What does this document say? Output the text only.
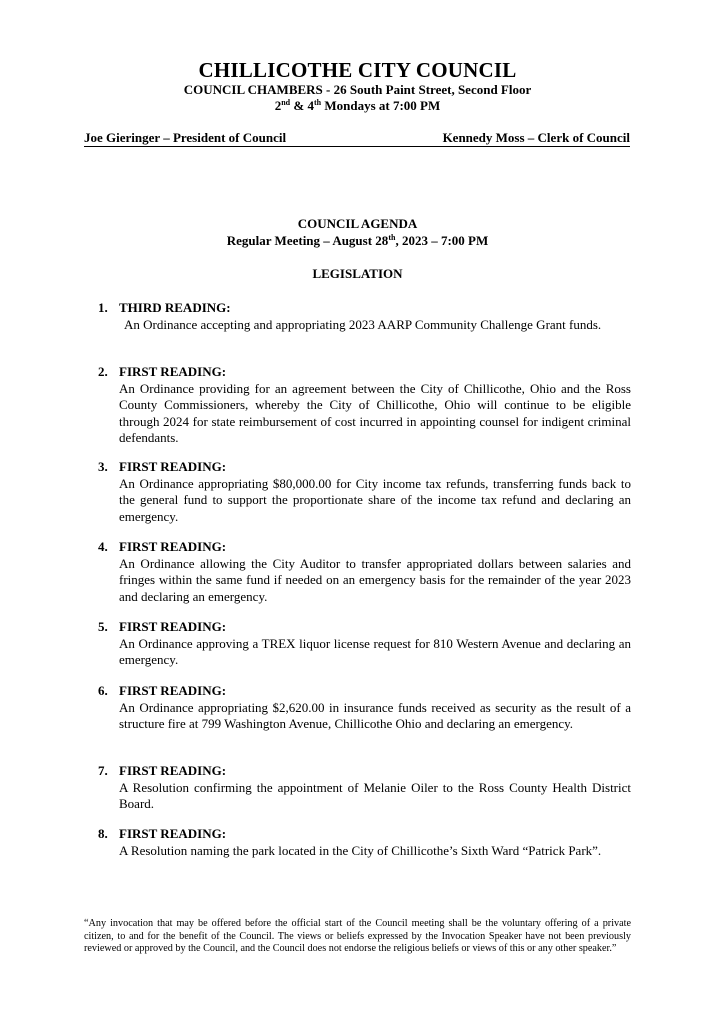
CHILLICOTHE CITY COUNCIL
COUNCIL CHAMBERS - 26 South Paint Street, Second Floor
2nd & 4th Mondays at 7:00 PM
Joe Gieringer – President of Council	Kennedy Moss – Clerk of Council
COUNCIL AGENDA
Regular Meeting – August 28th, 2023 – 7:00 PM
LEGISLATION
1. THIRD READING:
An Ordinance accepting and appropriating 2023 AARP Community Challenge Grant funds.
2. FIRST READING:
An Ordinance providing for an agreement between the City of Chillicothe, Ohio and the Ross County Commissioners, whereby the City of Chillicothe, Ohio will continue to be eligible through 2024 for state reimbursement of cost incurred in appointing counsel for indigent criminal defendants.
3. FIRST READING:
An Ordinance appropriating $80,000.00 for City income tax refunds, transferring funds back to the general fund to support the proportionate share of the income tax refund and declaring an emergency.
4. FIRST READING:
An Ordinance allowing the City Auditor to transfer appropriated dollars between salaries and fringes within the same fund if needed on an emergency basis for the remainder of the year 2023 and declaring an emergency.
5. FIRST READING:
An Ordinance approving a TREX liquor license request for 810 Western Avenue and declaring an emergency.
6. FIRST READING:
An Ordinance appropriating $2,620.00 in insurance funds received as security as the result of a structure fire at 799 Washington Avenue, Chillicothe Ohio and declaring an emergency.
7. FIRST READING:
A Resolution confirming the appointment of Melanie Oiler to the Ross County Health District Board.
8. FIRST READING:
A Resolution naming the park located in the City of Chillicothe’s Sixth Ward “Patrick Park”.
“Any invocation that may be offered before the official start of the Council meeting shall be the voluntary offering of a private citizen, to and for the benefit of the Council. The views or beliefs expressed by the Invocation Speaker have not been previously reviewed or approved by the Council, and the Council does not endorse the religious beliefs or views of this or any other speaker.”
